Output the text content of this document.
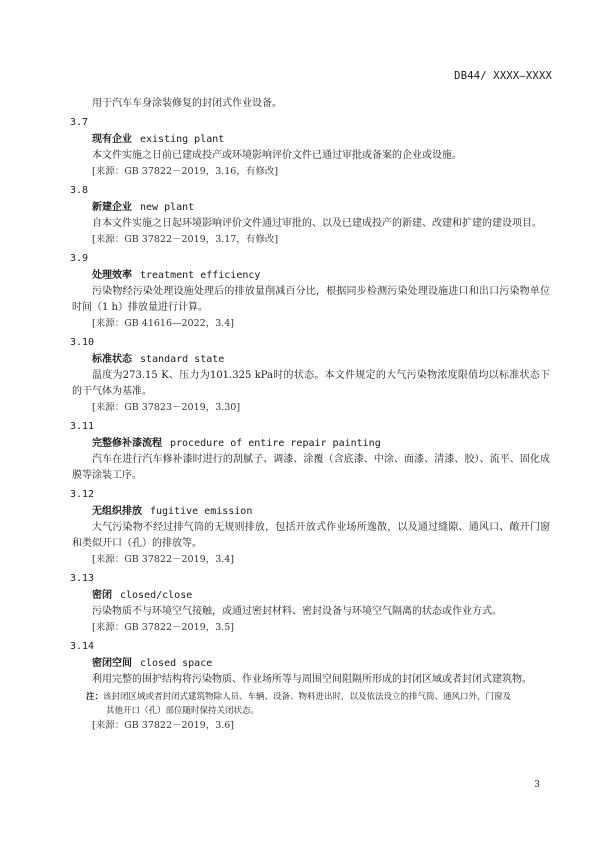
DB44/ XXXX—XXXX

用于汽车车身涂装修复的封闭式作业设备。

3.7
现有企业 existing plant

本文件实施之日前已建成投产或环境影响评价文件已通过审批或备案的企业或设施。

[来源：GB 37822－2019，3.16，有修改]
3.8
新建企业 new plant

自本文件实施之日起环境影响评价文件通过审批的、以及已建成投产的新建、改建和扩建的建设项目。

[来源：GB 37822－2019，3.17，有修改]
3.9
处理效率 treatment efficiency

污染物经污染处理设施处理后的排放量削减百分比，根据同步检测污染处理设施进口和出口污染物单位时间（1 h）排放量进行计算。

[来源：GB 41616—2022，3.4]
3.10
标准状态 standard state

温度为273.15 K、压力为101.325 kPa时的状态。本文件规定的大气污染物浓度限值均以标准状态下的干气体为基准。

[来源：GB 37823－2019，3.30]
3.11
完整修补漆流程 procedure of entire repair painting

汽车在进行汽车修补漆时进行的刮腻子、调漆、涂覆（含底漆、中涂、面漆、清漆、胶）、流平、固化成膜等涂装工序。

3.12
无组织排放 fugitive emission

大气污染物不经过排气筒的无规则排放，包括开放式作业场所逸散，以及通过缝隙、通风口、敞开门窗和类似开口（孔）的排放等。

[来源：GB 37822－2019，3.4]
3.13
密闭 closed/close

污染物质不与环境空气接触，或通过密封材料、密封设备与环境空气隔离的状态或作业方式。

[来源：GB 37822－2019，3.5]
3.14
密闭空间 closed space

利用完整的围护结构将污染物质、作业场所等与周围空间阻隔所形成的封闭区域或者封闭式建筑物。

注：该封闭区域或者封闭式建筑物除人员、车辆、设备、物料进出时，以及依法设立的排气筒、通风口外，门窗及
其他开口（孔）部位随时保持关闭状态。
[来源：GB 37822－2019，3.6]
3
